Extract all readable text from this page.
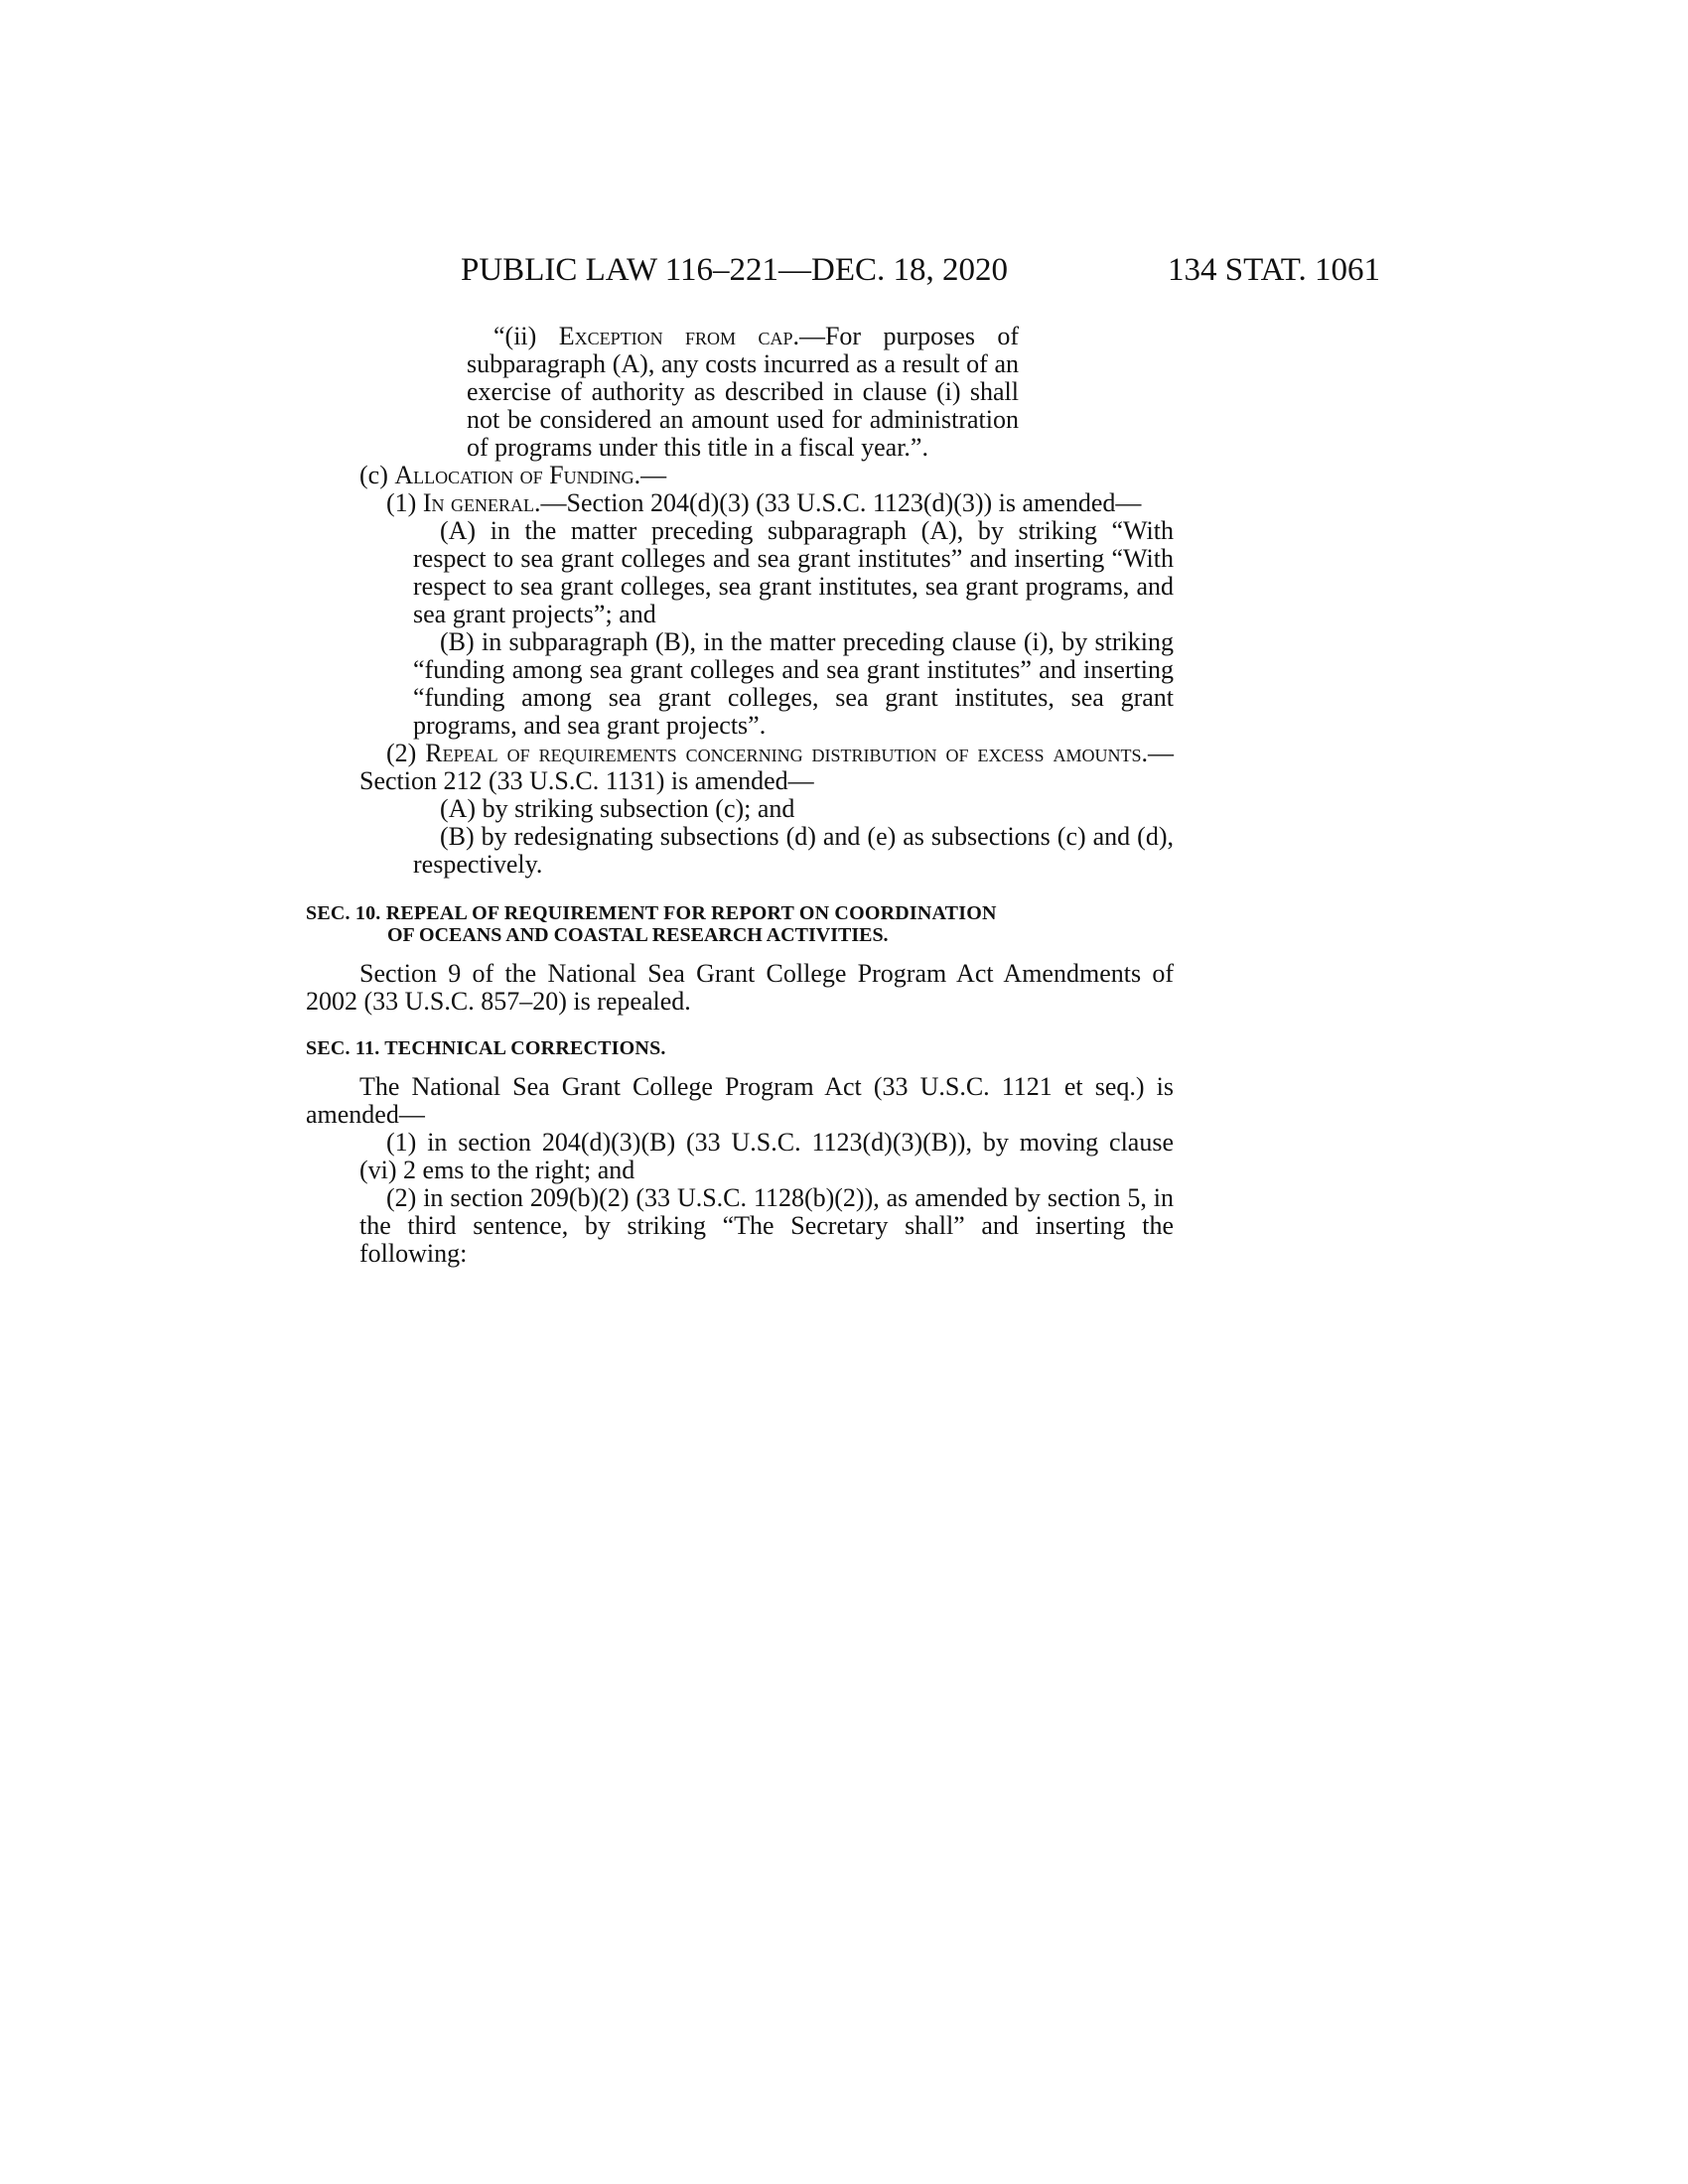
PUBLIC LAW 116–221—DEC. 18, 2020	134 STAT. 1061

“(ii) Exception from cap.—For purposes of subparagraph (A), any costs incurred as a result of an exercise of authority as described in clause (i) shall not be considered an amount used for administration of programs under this title in a fiscal year.”.

(c) Allocation of Funding.—

(1) In general.—Section 204(d)(3) (33 U.S.C. 1123(d)(3)) is amended—

(A) in the matter preceding subparagraph (A), by striking “With respect to sea grant colleges and sea grant institutes” and inserting “With respect to sea grant colleges, sea grant institutes, sea grant programs, and sea grant projects”; and

(B) in subparagraph (B), in the matter preceding clause (i), by striking “funding among sea grant colleges and sea grant institutes” and inserting “funding among sea grant colleges, sea grant institutes, sea grant programs, and sea grant projects”.

(2) Repeal of requirements concerning distribution of excess amounts.—Section 212 (33 U.S.C. 1131) is amended—

(A) by striking subsection (c); and

(B) by redesignating subsections (d) and (e) as subsections (c) and (d), respectively.

SEC. 10. REPEAL OF REQUIREMENT FOR REPORT ON COORDINATION

OF OCEANS AND COASTAL RESEARCH ACTIVITIES.

Section 9 of the National Sea Grant College Program Act Amendments of 2002 (33 U.S.C. 857–20) is repealed.

SEC. 11. TECHNICAL CORRECTIONS.

The National Sea Grant College Program Act (33 U.S.C. 1121 et seq.) is amended—

(1) in section 204(d)(3)(B) (33 U.S.C. 1123(d)(3)(B)), by moving clause (vi) 2 ems to the right; and

(2) in section 209(b)(2) (33 U.S.C. 1128(b)(2)), as amended by section 5, in the third sentence, by striking “The Secretary shall” and inserting the following:
